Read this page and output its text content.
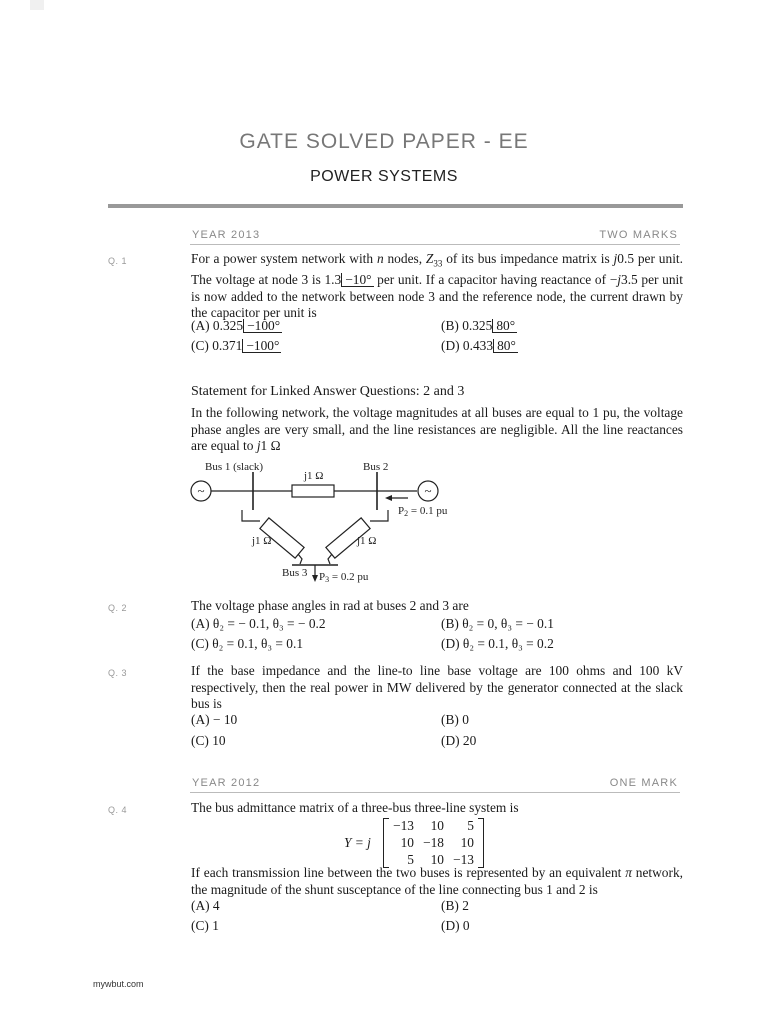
GATE SOLVED PAPER - EE
POWER SYSTEMS
YEAR 2013	TWO MARKS
Q. 1	For a power system network with n nodes, $Z_{33}$ of its bus impedance matrix is j0.5 per unit. The voltage at node 3 is 1.3 −10° per unit. If a capacitor having reactance of −j3.5 per unit is now added to the network between node 3 and the reference node, the current drawn by the capacitor per unit is
(A) 0.325 −100°	(B) 0.325 80°
(C) 0.371 −100°	(D) 0.433 80°
Statement for Linked Answer Questions: 2 and 3
In the following network, the voltage magnitudes at all buses are equal to 1 pu, the voltage phase angles are very small, and the line resistances are negligible. All the line reactances are equal to j1 Ω
~	~
Bus 1 (slack)	Bus 2
j1 Ω
j1 Ω	j1 Ω
Bus 3
P2 = 0.1 pu
P3 = 0.2 pu
Q. 2	The voltage phase angles in rad at buses 2 and 3 are
(A) θ₂ = − 0.1, θ₃ = − 0.2	(B) θ₂ = 0, θ₃ = − 0.1
(C) θ₂ = 0.1, θ₃ = 0.1	(D) θ₂ = 0.1, θ₃ = 0.2
Q. 3	If the base impedance and the line-to line base voltage are 100 ohms and 100 kV respectively, then the real power in MW delivered by the generator connected at the slack bus is
(A) − 10	(B) 0
(C) 10	(D) 20
YEAR 2012	ONE MARK
Q. 4	The bus admittance matrix of a three-bus three-line system is
Y = j
−13	10	5
10 −18	10
5	10 −13
If each transmission line between the two buses is represented by an equivalent π network, the magnitude of the shunt susceptance of the line connecting bus 1 and 2 is
(A) 4	(B) 2
(C) 1	(D) 0
mywbut.com
